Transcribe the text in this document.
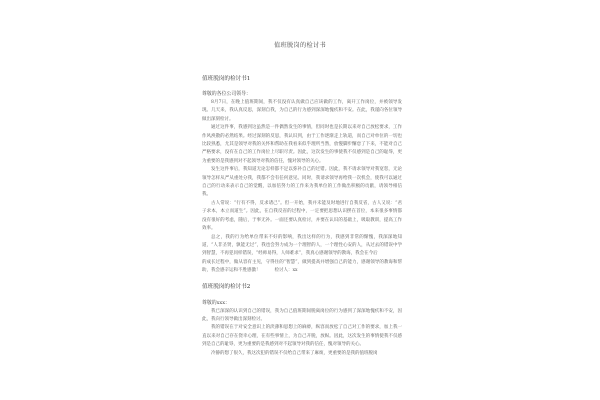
值班脱岗的检讨书

值班脱岗的检讨书1

尊敬的各位公司领导：

8月7日，在晚上值班期间，我不仅没有认真做自己应该做的工作，离开工作岗位，并被领导发现。几天来，我认真反思，深刻自我，为自己的行为感到深深地愧疚和不安。在此，我谨向各位领导做出深刻检讨。

通过这件事，我感到这虽然是一件偶然发生的事情，但同时也是长期以来对自己放松要求，工作作风涣散的必然结果。经过深刻的反思，我认识到，由于工作逐渐走上轨道，而自己对单位的一切也比较熟悉，尤其是领导对我的关怀和帮助在我看来似乎理所当然，放慢脚步懈怠了下来，不能对自己严格要求，没有在自己的工作岗位上尽职尽责。因此，这次发生的事使我不仅感到是自己的耻辱，更为重要的是我感到对不起领导对我的信任，愧对领导的关心。

发生这件事后，我知道无论怎样都不足以弥补自己的过错。因此，我不请求领导对我宽恕，无论领导怎样从严从重处分我，我都不会有任何意见。同时，我请求领导再给我一次机会，使我可以通过自己的行动来表示自己的觉醒，以加倍努力的工作来为我单位的工作做出积极的贡献，请领导相信我。

古人常说：“行有不得，反求诸己”。但一开始，我并未能及时地进行自我反省，古人又说：“君子求本，本立而道生”。因此，在自我反省的过程中，一定要把思想认识摆在首位，本来很多事情都没有很好的考虑，随后，于事无补。一面还要认真检讨，并要在认识的基础上，吸取教训，提高工作效率。

总之，我的行为给单位带来不好的影响，我出这样的行为，我感到非常的惭愧，我深深地知道，“人非圣贤，孰能无过”，我也会努力成为一个理智的人，一个理性心安的人，从过去的错误中学到智慧，不再犯同样错误，“经师易得，人师难求”，我真心感谢领导的教诲，我会在今后

的成长过程中，做从容有主见，守得住的“智慧”，做到提高并增强自己的能力，感谢领导的教诲和帮助，我会感辛运和不胜感激！	检讨人：xx

值班脱岗的检讨书2

尊敬的xxx：

我已深深的认识到自己的错误，我为自己值班期间脱离岗位的行为感到了深深地愧疚和不安，因此，我向行领导做出深刻检讨。

我的错误在于对安全意识上的淡薄和思想上的麻痹，纵容而放松了自己对工作的要求，加上我一直以来对自己存在侥幸心理，在有些事情上，为自己开脱，放纵。因此，这次发生的事情使我不仅感到是自己的耻辱，更为重要的是我感到对不起领导对我的信任，愧对领导的关心。

冷静的想了很久，我这次犯的错误不仅给自己带来了麻烦，更重要的是我的值班脱岗
